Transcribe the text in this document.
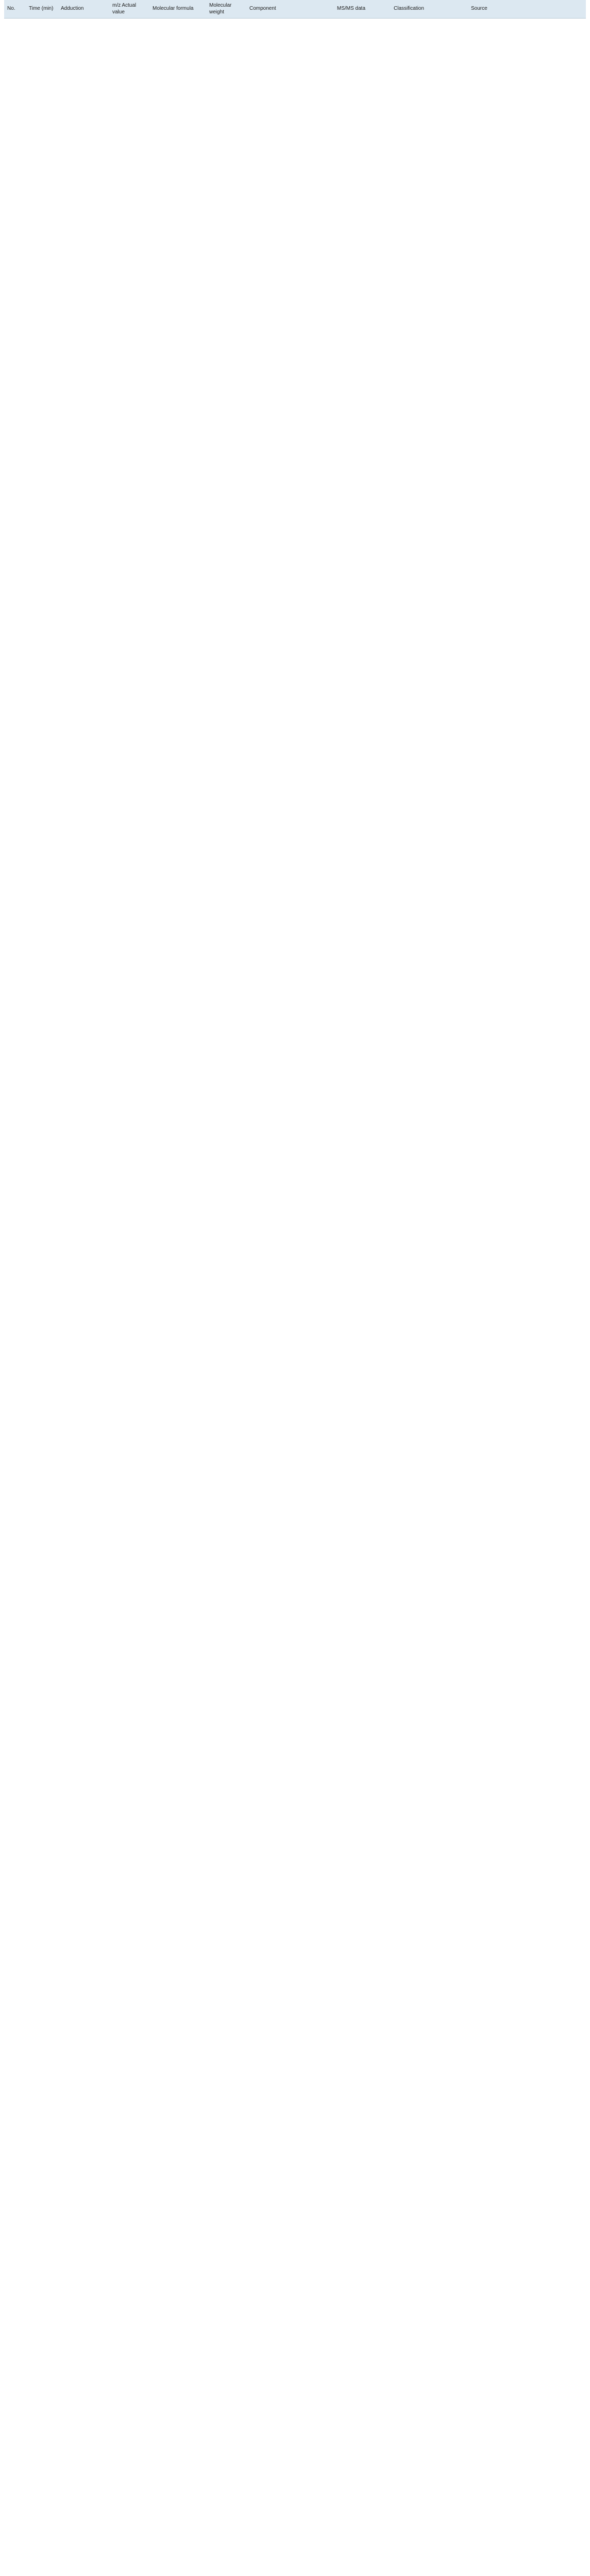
No.	Time (min)	Adduction	m/z Actual value	Molecular formula	Molecular weight	Component	MS/MS data	Classification	Source
